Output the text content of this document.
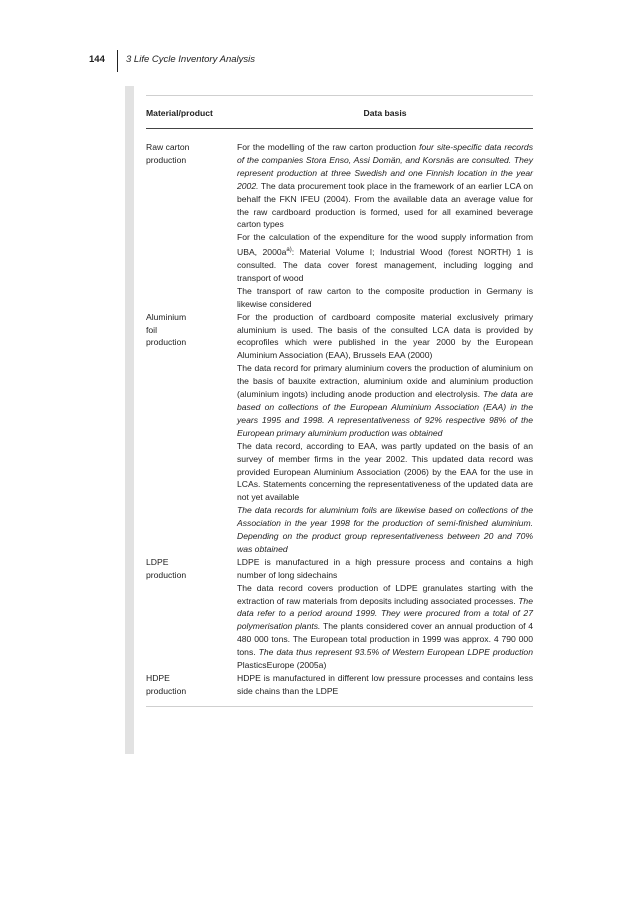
144 3 Life Cycle Inventory Analysis
Material/product	Data basis
Raw carton
production
For the modelling of the raw carton production four site-specific data records of the companies Stora Enso, Assi Domän, and Korsnäs are consulted. They represent production at three Swedish and one Finnish location in the year 2002. The data procurement took place in the framework of an earlier LCA on behalf the FKN IFEU (2004). From the available data an average value for the raw cardboard production is formed, used for all examined beverage carton types
For the calculation of the expenditure for the wood supply information from UBA, $2000a^{a)}$: Material Volume I; Industrial Wood (forest NORTH) 1 is consulted. The data cover forest management, including logging and transport of wood
The transport of raw carton to the composite production in Germany is likewise considered
Aluminium
foil
production
For the production of cardboard composite material exclusively primary aluminium is used. The basis of the consulted LCA data is provided by ecoprofiles which were published in the year 2000 by the European Aluminium Association (EAA), Brussels EAA (2000)
The data record for primary aluminium covers the production of aluminium on the basis of bauxite extraction, aluminium oxide and aluminium production (aluminium ingots) including anode production and electrolysis. The data are based on collections of the European Aluminium Association (EAA) in the years 1995 and 1998. A representativeness of 92% respective 98% of the European primary aluminium production was obtained
The data record, according to EAA, was partly updated on the basis of an survey of member firms in the year 2002. This updated data record was provided European Aluminium Association (2006) by the EAA for the use in LCAs. Statements concerning the representativeness of the updated data are not yet available
The data records for aluminium foils are likewise based on collections of the Association in the year 1998 for the production of semi-finished aluminium. Depending on the product group representativeness between 20 and 70% was obtained
LDPE
production
LDPE is manufactured in a high pressure process and contains a high number of long sidechains
The data record covers production of LDPE granulates starting with the extraction of raw materials from deposits including associated processes. The data refer to a period around 1999. They were procured from a total of 27 polymerisation plants. The plants considered cover an annual production of 4 480 000 tons. The European total production in 1999 was approx. 4 790 000 tons. The data thus represent 93.5% of Western European LDPE production PlasticsEurope (2005a)
HDPE
production
HDPE is manufactured in different low pressure processes and contains less side chains than the LDPE
